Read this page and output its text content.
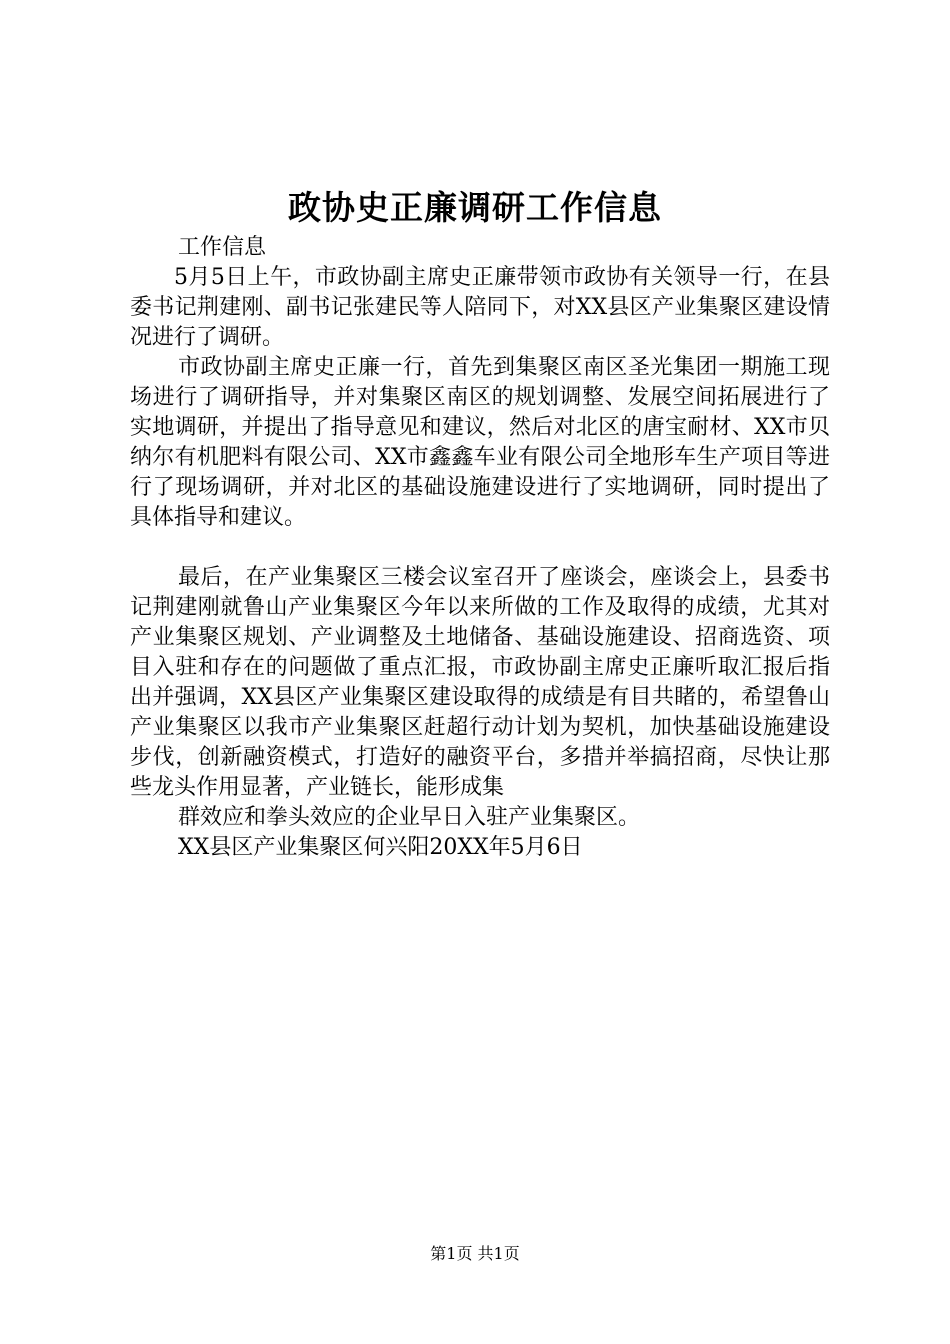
政协史正廉调研工作信息

工作信息

5月5日上午，市政协副主席史正廉带领市政协有关领导一行，在县委书记荆建刚、副书记张建民等人陪同下，对XX县区产业集聚区建设情况进行了调研。

市政协副主席史正廉一行，首先到集聚区南区圣光集团一期施工现场进行了调研指导，并对集聚区南区的规划调整、发展空间拓展进行了实地调研，并提出了指导意见和建议，然后对北区的唐宝耐材、XX市贝纳尔有机肥料有限公司、XX市鑫鑫车业有限公司全地形车生产项目等进行了现场调研，并对北区的基础设施建设进行了实地调研，同时提出了具体指导和建议。

最后，在产业集聚区三楼会议室召开了座谈会，座谈会上，县委书记荆建刚就鲁山产业集聚区今年以来所做的工作及取得的成绩，尤其对产业集聚区规划、产业调整及土地储备、基础设施建设、招商选资、项目入驻和存在的问题做了重点汇报，市政协副主席史正廉听取汇报后指出并强调，XX县区产业集聚区建设取得的成绩是有目共睹的，希望鲁山产业集聚区以我市产业集聚区赶超行动计划为契机，加快基础设施建设步伐，创新融资模式，打造好的融资平台，多措并举搞招商，尽快让那些龙头作用显著，产业链长，能形成集

群效应和拳头效应的企业早日入驻产业集聚区。

XX县区产业集聚区何兴阳20XX年5月6日

第1页 共1页
